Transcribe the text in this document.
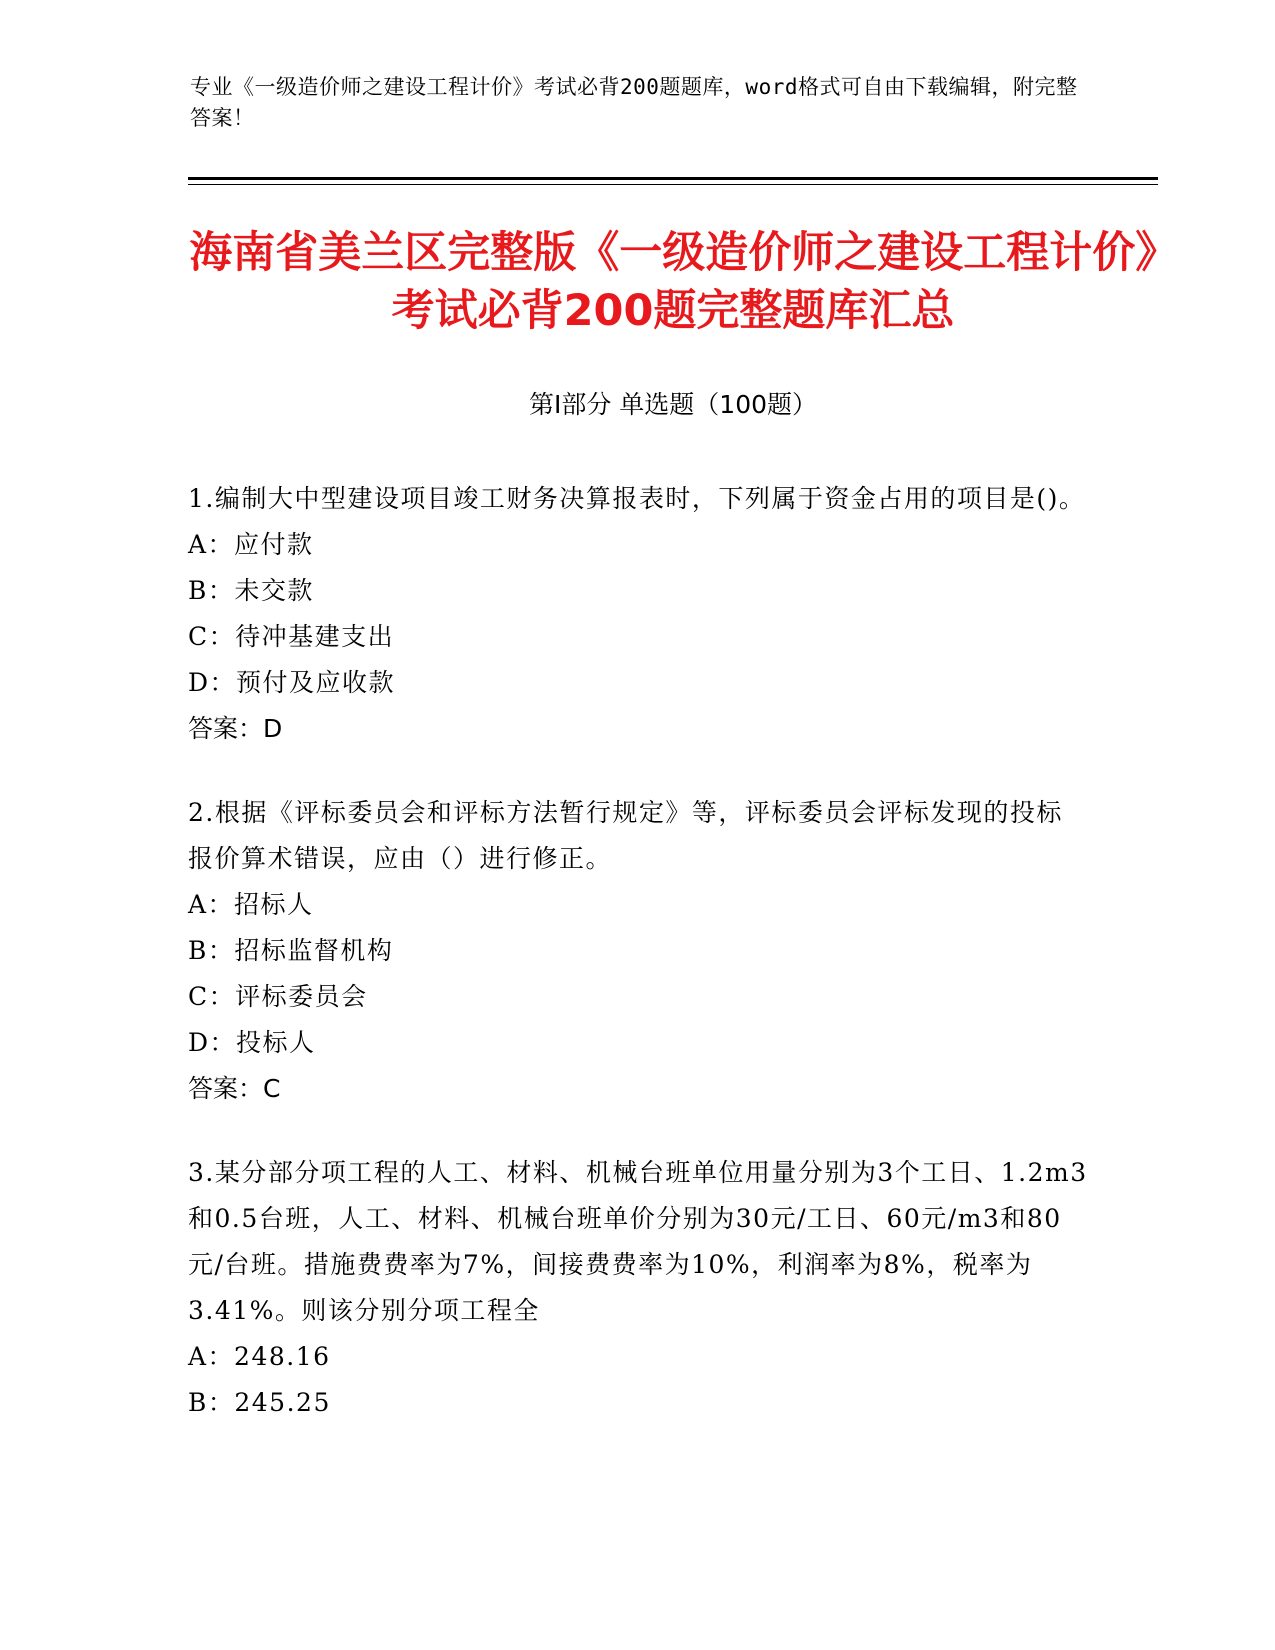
专业《一级造价师之建设工程计价》考试必背200题题库，word格式可自由下载编辑，附完整答案！
海南省美兰区完整版《一级造价师之建设工程计价》考试必背200题完整题库汇总
第Ⅰ部分 单选题（100题）
1.编制大中型建设项目竣工财务决算报表时，下列属于资金占用的项目是()。
A：应付款
B：未交款
C：待冲基建支出
D：预付及应收款
答案：D
2.根据《评标委员会和评标方法暂行规定》等，评标委员会评标发现的投标报价算术错误，应由（）进行修正。
A：招标人
B：招标监督机构
C：评标委员会
D：投标人
答案：C
3.某分部分项工程的人工、材料、机械台班单位用量分别为3个工日、1.2m3和0.5台班，人工、材料、机械台班单价分别为30元/工日、60元/m3和80元/台班。措施费费率为7%，间接费费率为10%，利润率为8%，税率为3.41%。则该分别分项工程全
A：248.16
B：245.25
